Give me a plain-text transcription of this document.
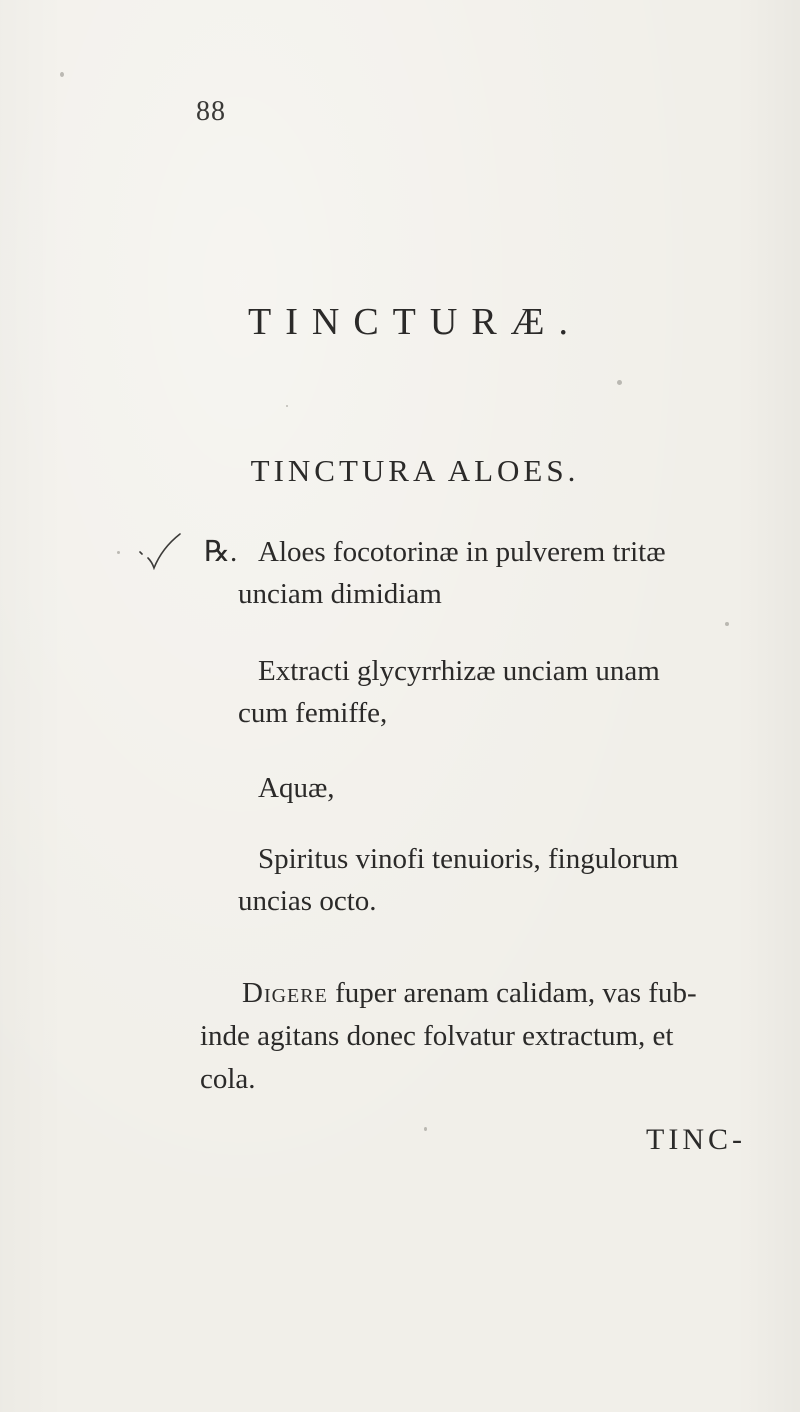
88
TINCTURÆ.
TINCTURA ALOES.
℞. Aloes focotorinæ in pulverem tritæ
unciam dimidiam

Extracti glycyrrhizæ unciam unam
cum femiffe,

Aquæ,

Spiritus vinofi tenuioris, fingulorum
uncias octo.

Digere fuper arenam calidam, vas fub-
inde agitans donec folvatur extractum, et
cola.

TINC-
